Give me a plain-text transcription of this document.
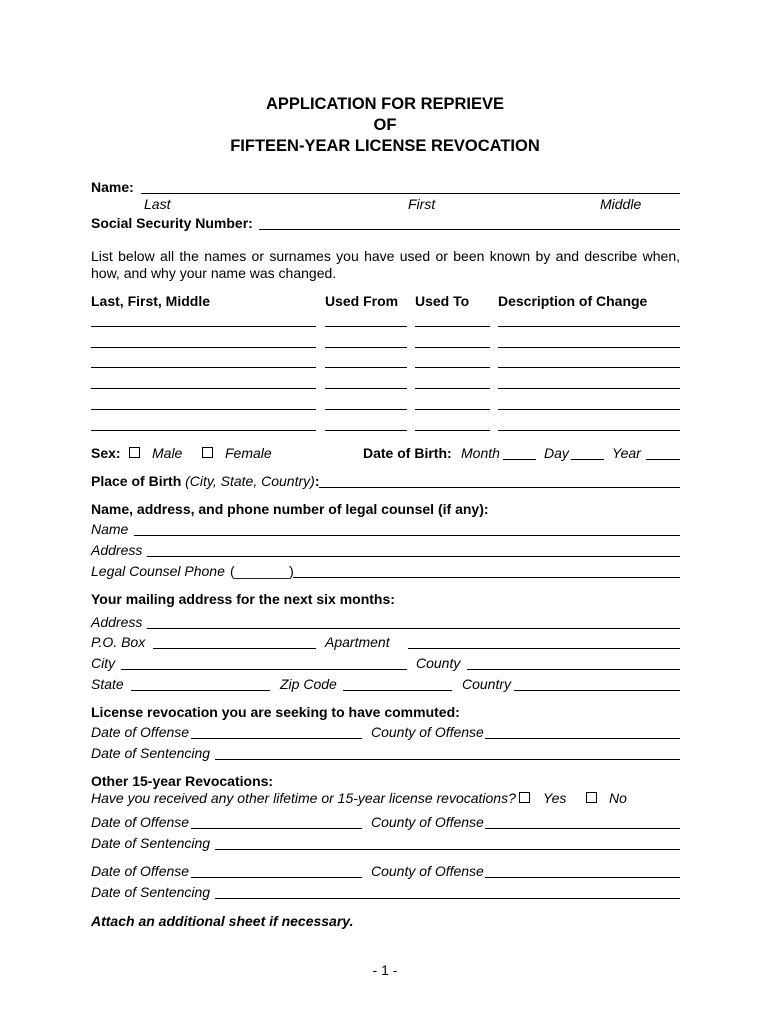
APPLICATION FOR REPRIEVE
OF
FIFTEEN-YEAR LICENSE REVOCATION
Name:
Last	First	Middle
Social Security Number:
List below all the names or surnames you have used or been known by and describe when, how, and why your name was changed.
Last, First, Middle	Used From Used To Description of Change
Sex: Male	Female	Date of Birth: Month	Day	Year
Place of Birth (City, State, Country):
Name, address, and phone number of legal counsel (if any):
Name
Address
Legal Counsel Phone (_______)
Your mailing address for the next six months:
Address
P.O. Box	Apartment
City	County
State	Zip Code	Country
License revocation you are seeking to have commuted:
Date of Offense	County of Offense
Date of Sentencing
Other 15-year Revocations:
Have you received any other lifetime or 15-year license revocations? Yes	No
Date of Offense	County of Offense
Date of Sentencing
Date of Offense	County of Offense
Date of Sentencing
Attach an additional sheet if necessary.
- 1 -
